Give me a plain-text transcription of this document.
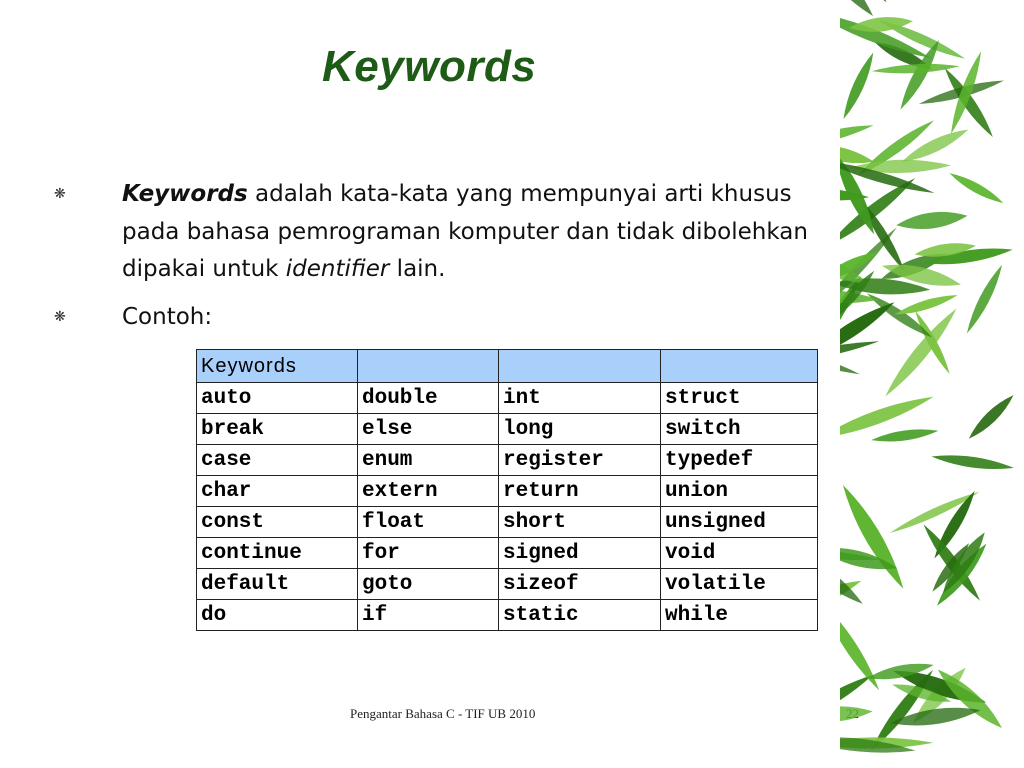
Keywords
❋ Keywords adalah kata-kata yang mempunyai arti khusus pada bahasa pemrograman komputer dan tidak dibolehkan dipakai untuk identifier lain.
❋ Contoh:
Keywords			
auto	double	int	struct
break	else	long	switch
case	enum	register	typedef
char	extern	return	union
const	float	short	unsigned
continue	for	signed	void
default	goto	sizeof	volatile
do	if	static	while
Pengantar Bahasa C - TIF UB 2010
